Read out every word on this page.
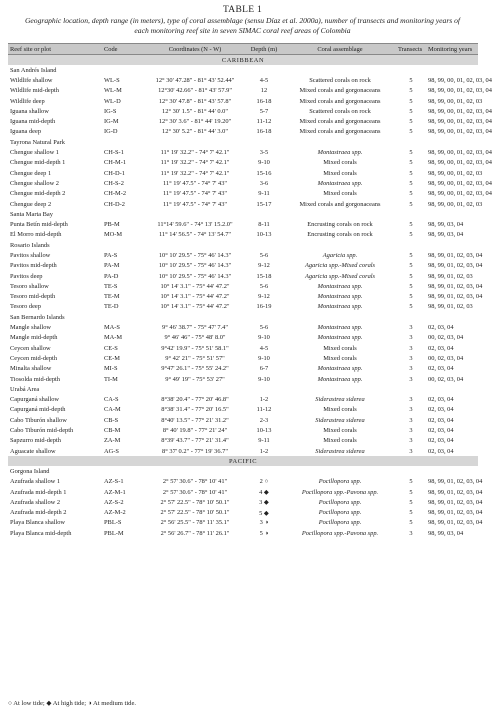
TABLE 1
Geographic location, depth range (in meters), type of coral assemblage (sensu Díaz et al. 2000a), number of transects and monitoring years of each monitoring reef site in seven SIMAC coral reef areas of Colombia
Reef site or plot	Code	Coordinates (N - W)	Depth (m)	Coral assemblage	Transects	Monitoring years
CARIBBEAN						
San Andrés Island						
Wildlife shallow	WL-S	12° 30' 47.28" - 81° 43' 52.44"	4-5	Scattered corals on rock	5	98, 99, 00, 01, 02, 03, 04
Wildlife mid-depth	WL-M	12°30' 42.66" - 81° 43' 57.9"	12	Mixed corals and gorgonaceans	5	98, 99, 00, 01, 02, 03, 04
Wildlife deep	WL-D	12° 30' 47.8" - 81° 43' 57.8"	16-18	Mixed corals and gorgonaceans	5	98, 99, 00, 01, 02, 03
Iguana shallow	IG-S	12° 30' 1.5" - 81° 44' 0.0"	5-7	Scattered corals on rock	5	98, 99, 00, 01, 02, 03, 04
Iguana mid-depth	IG-M	12° 30' 3.6" - 81° 44' 19.20"	11-12	Mixed corals and gorgonaceans	5	98, 99, 00, 01, 02, 03, 04
Iguana deep	IG-D	12° 30' 5.2" - 81° 44' 3.0"	16-18	Mixed corals and gorgonaceans	5	98, 99, 00, 01, 02, 03, 04
Tayrona Natural Park						
Chengue shallow 1	CH-S-1	11° 19' 32.2" - 74° 7' 42.1"	3-5	Montastraea spp.	5	98, 99, 00, 01, 02, 03, 04
Chengue mid-depth 1	CH-M-1	11° 19' 32.2" - 74° 7' 42.1"	9-10	Mixed corals	5	98, 99, 00, 01, 02, 03, 04
Chengue deep 1	CH-D-1	11° 19' 32.2" - 74° 7' 42.1"	15-16	Mixed corals	5	98, 99, 00, 01, 02, 03
Chengue shallow 2	CH-S-2	11° 19' 47.5" - 74° 7' 43"	3-6	Montastraea spp.	5	98, 99, 00, 01, 02, 03, 04
Chengue mid-depth 2	CH-M-2	11° 19' 47.5" - 74° 7' 43"	9-11	Mixed corals	5	98, 99, 00, 01, 02, 03, 04
Chengue deep 2	CH-D-2	11° 19' 47.5" - 74° 7' 43"	15-17	Mixed corals and gorgonaceans	5	98, 99, 00, 01, 02, 03
Santa Marta Bay						
Punta Betín mid-depth	PB-M	11°14' 59.6" - 74° 13' 15.2.0"	8-11	Encrusting corals on rock	5	98, 99, 03, 04
El Morro mid-depth	MO-M	11° 14' 56.5" - 74° 13' 54.7"	10-13	Encrusting corals on rock	5	98, 99, 03, 04
Rosario Islands						
Pavitos shallow	PA-S	10° 10' 29.5" - 75° 46' 14.3"	5-6	Agaricia spp.	5	98, 99, 01, 02, 03, 04
Pavitos mid-depth	PA-M	10° 10' 29.5" - 75° 46' 14.3"	9-12	Agaricia spp.-Mixed corals	5	98, 99, 01, 02, 03, 04
Pavitos deep	PA-D	10° 10' 29.5" - 75° 46' 14.3"	15-18	Agaricia spp.-Mixed corals	5	98, 99, 01, 02, 03
Tesoro shallow	TE-S	10° 14' 3.1" - 75° 44' 47.2"	5-6	Montastraea spp.	5	98, 99, 01, 02, 03, 04
Tesoro mid-depth	TE-M	10° 14' 3.1" - 75° 44' 47.2"	9-12	Montastraea spp.	5	98, 99, 01, 02, 03, 04
Tesoro deep	TE-D	10° 14' 3.1" - 75° 44' 47.2"	16-19	Montastraea spp.	5	98, 99, 01, 02, 03
San Bernardo Islands						
Mangle shallow	MA-S	9° 46' 38.7" - 75° 47' 7.4"	5-6	Montastraea spp.	3	02, 03, 04
Mangle mid-depth	MA-M	9° 46' 46" - 75° 48' 8.0"	9-10	Montastraea spp.	3	00, 02, 03, 04
Ceycen shallow	CE-S	9°42' 19.9" - 75° 51' 58.1"	4-5	Mixed corals	3	02, 03, 04
Ceycen mid-depth	CE-M	9° 42' 21" - 75° 51' 57"	9-10	Mixed corals	3	00, 02, 03, 04
Minalta shallow	MI-S	9°47' 26.1" - 75° 55' 24.2"	6-7	Montastraea spp.	3	02, 03, 04
Tiosolda mid-depth	TI-M	9° 49' 19" - 75° 53' 27"	9-10	Montastraea spp.	3	00, 02, 03, 04
Urabá Area						
Capurganá shallow	CA-S	8°38' 20.4" - 77° 20' 46.8"	1-2	Siderastrea siderea	3	02, 03, 04
Capurganá mid-depth	CA-M	8°38' 31.4" - 77° 20' 16.5"	11-12	Mixed corals	3	02, 03, 04
Cabo Tiburón shallow	CB-S	8°40' 13.5" - 77° 21' 31.2"	2-3	Siderastrea siderea	3	02, 03, 04
Cabo Tiburón mid-depth	CB-M	8° 40' 19.8" - 77° 21' 24"	10-13	Mixed corals	3	02, 03, 04
Sapzurro mid-depth	ZA-M	8°39' 43.7" - 77° 21' 31.4"	9-11	Mixed corals	3	02, 03, 04
Aguacate shallow	AG-S	8° 37' 0.2" - 77° 19' 36.7"	1-2	Siderastrea siderea	3	02, 03, 04
PACIFIC						
Gorgona Island						
Azufrada shallow 1	AZ-S-1	2° 57' 30.6" - 78° 10' 41"	2 ○	Pocillopora spp.	5	98, 99, 01, 02, 03, 04
Azufrada mid-depth 1	AZ-M-1	2° 57' 30.6" - 78° 10' 41"	4 ◆	Pocillopora spp.-Pavona spp.	5	98, 99, 01, 02, 03, 04
Azufrada shallow 2	AZ-S-2	2° 57' 22.5" - 78° 10' 50.1"	3 ◆	Pocillopora spp.	5	98, 99, 01, 02, 03, 04
Azufrada mid-depth 2	AZ-M-2	2° 57' 22.5" - 78° 10' 50.1"	5 ◆	Pocillopora spp.	5	98, 99, 01, 02, 03, 04
Playa Blanca shallow	PBL-S	2° 56' 25.5" - 78° 11' 35.1"	3 ◑	Pocillopora spp.	5	98, 99, 01, 02, 03, 04
Playa Blanca mid-depth	PBL-M	2° 56' 26.7" - 78° 11' 26.1"	5 ◑	Pocillopora spp.-Pavona spp.	3	98, 99, 03, 04
○ At low tide; ◆ At high tide; ◑ At medium tide.
